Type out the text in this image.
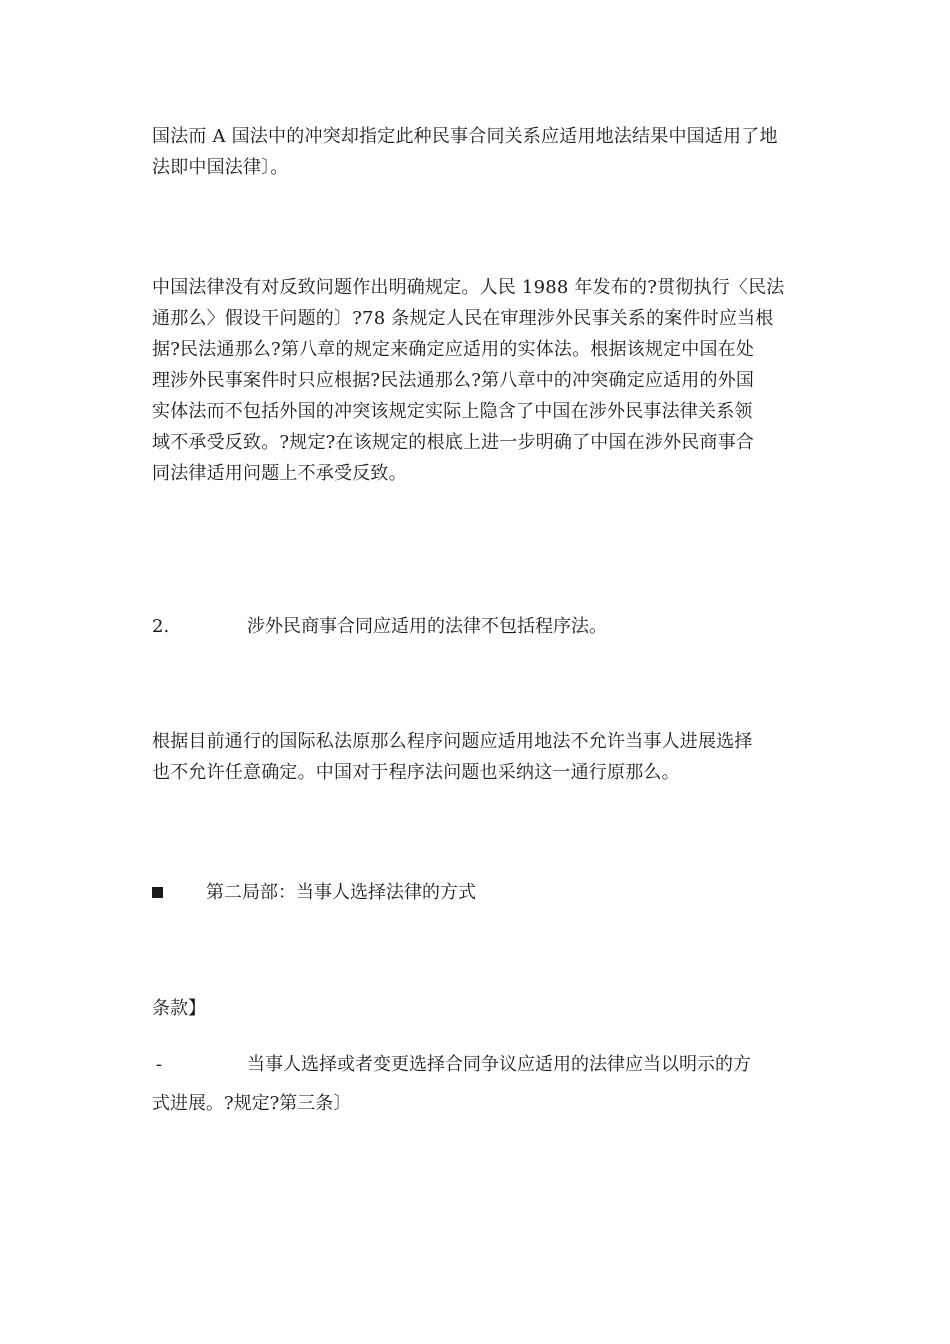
国法而 A 国法中的冲突却指定此种民事合同关系应适用地法结果中国适用了地
法即中国法律〕。

中国法律没有对反致问题作出明确规定。人民 1988 年发布的?贯彻执行〈民法
通那么〉假设干问题的〕?78 条规定人民在审理涉外民事关系的案件时应当根
据?民法通那么?第八章的规定来确定应适用的实体法。根据该规定中国在处
理涉外民事案件时只应根据?民法通那么?第八章中的冲突确定应适用的外国
实体法而不包括外国的冲突该规定实际上隐含了中国在涉外民事法律关系领
域不承受反致。?规定?在该规定的根底上进一步明确了中国在涉外民商事合
同法律适用问题上不承受反致。

2.	涉外民商事合同应适用的法律不包括程序法。

根据目前通行的国际私法原那么程序问题应适用地法不允许当事人进展选择
也不允许任意确定。中国对于程序法问题也采纳这一通行原那么。

第二局部：当事人选择法律的方式
条款】
-	当事人选择或者变更选择合同争议应适用的法律应当以明示的方
式进展。?规定?第三条〕
